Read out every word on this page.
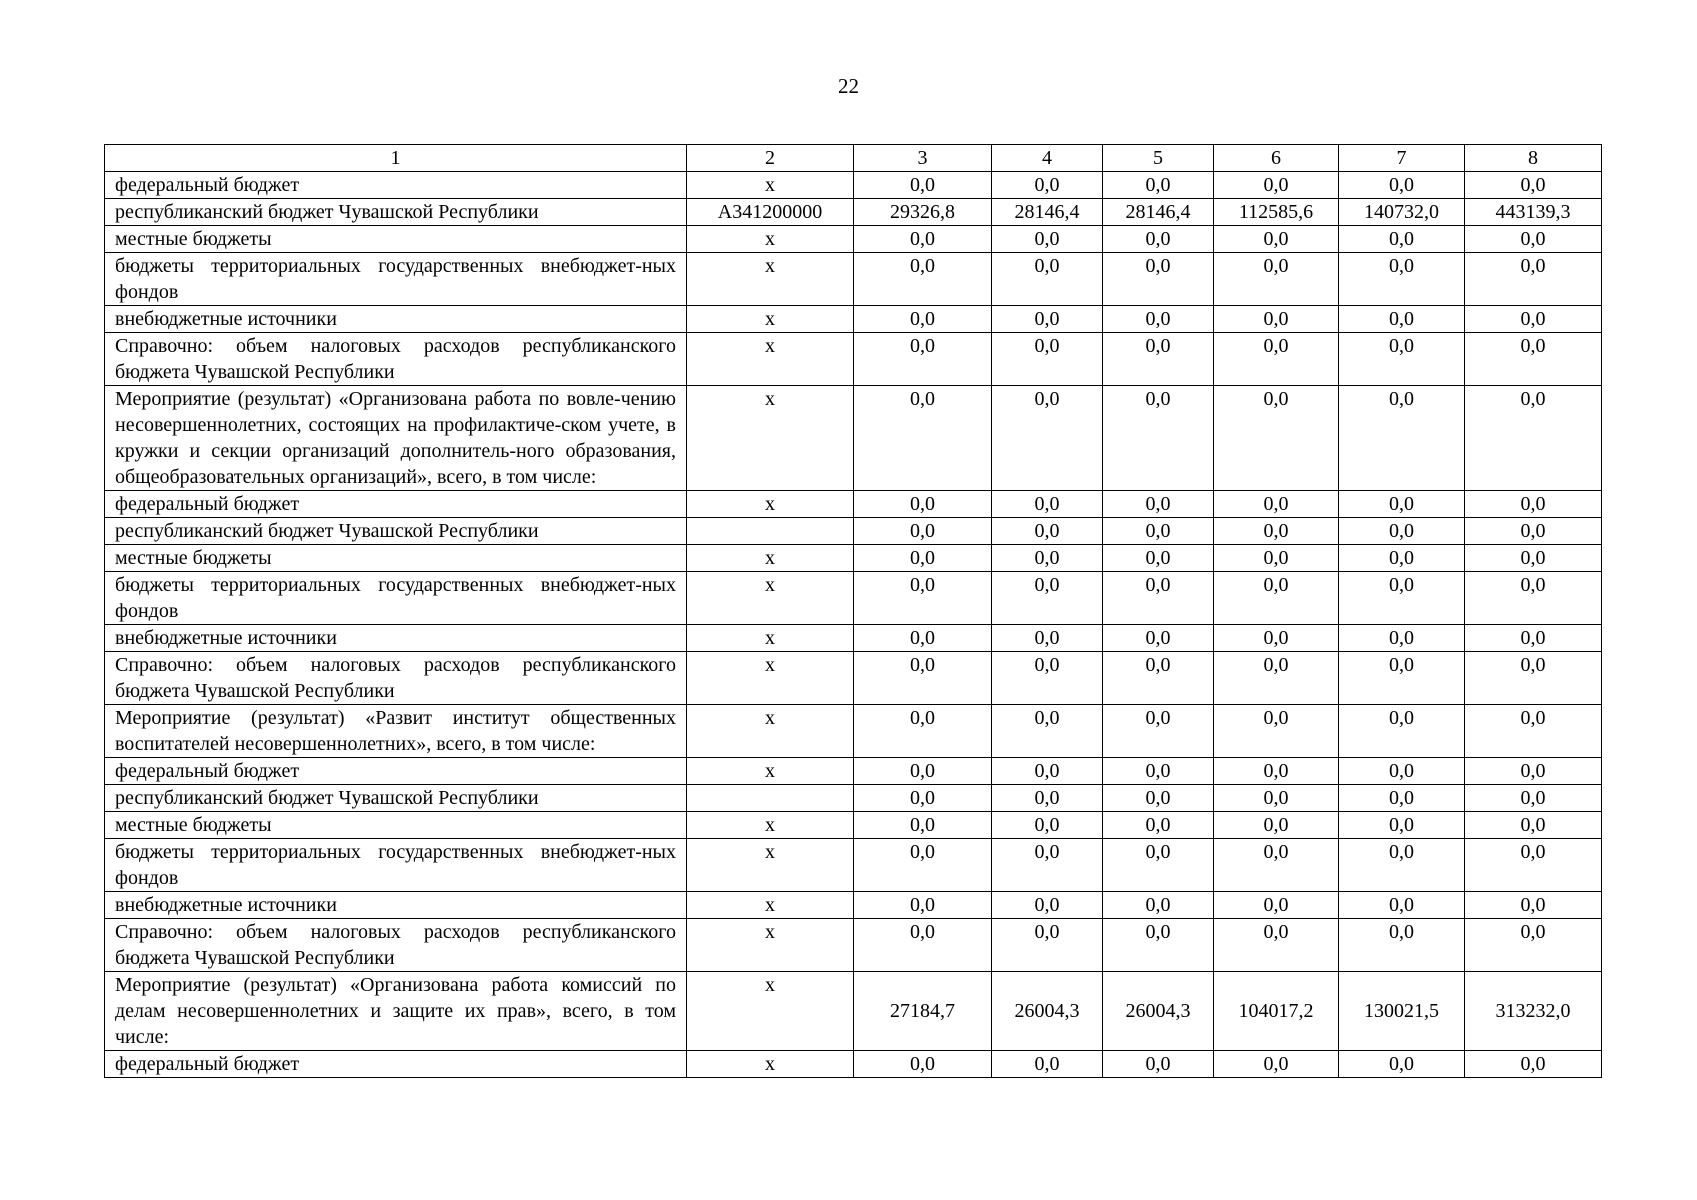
22
1	2	3	4	5	6	7	8
федеральный бюджет	х	0,0	0,0	0,0	0,0	0,0	0,0
республиканский бюджет Чувашской Республики	А341200000	29326,8	28146,4	28146,4	112585,6	140732,0	443139,3
местные бюджеты	х	0,0	0,0	0,0	0,0	0,0	0,0
бюджеты территориальных государственных внебюджет-ных фондов	х	0,0	0,0	0,0	0,0	0,0	0,0
внебюджетные источники	х	0,0	0,0	0,0	0,0	0,0	0,0
Справочно: объем налоговых расходов республиканского бюджета Чувашской Республики	х	0,0	0,0	0,0	0,0	0,0	0,0
Мероприятие (результат) «Организована работа по вовле-чению несовершеннолетних, состоящих на профилактиче-ском учете, в кружки и секции организаций дополнитель-ного образования, общеобразовательных организаций», всего, в том числе:	х	0,0	0,0	0,0	0,0	0,0	0,0
федеральный бюджет	х	0,0	0,0	0,0	0,0	0,0	0,0
республиканский бюджет Чувашской Республики		0,0	0,0	0,0	0,0	0,0	0,0
местные бюджеты	х	0,0	0,0	0,0	0,0	0,0	0,0
бюджеты территориальных государственных внебюджет-ных фондов	х	0,0	0,0	0,0	0,0	0,0	0,0
внебюджетные источники	х	0,0	0,0	0,0	0,0	0,0	0,0
Справочно: объем налоговых расходов республиканского бюджета Чувашской Республики	х	0,0	0,0	0,0	0,0	0,0	0,0
Мероприятие (результат) «Развит институт общественных воспитателей несовершеннолетних», всего, в том числе:	х	0,0	0,0	0,0	0,0	0,0	0,0
федеральный бюджет	х	0,0	0,0	0,0	0,0	0,0	0,0
республиканский бюджет Чувашской Республики		0,0	0,0	0,0	0,0	0,0	0,0
местные бюджеты	х	0,0	0,0	0,0	0,0	0,0	0,0
бюджеты территориальных государственных внебюджет-ных фондов	х	0,0	0,0	0,0	0,0	0,0	0,0
внебюджетные источники	х	0,0	0,0	0,0	0,0	0,0	0,0
Справочно: объем налоговых расходов республиканского бюджета Чувашской Республики	х	0,0	0,0	0,0	0,0	0,0	0,0
Мероприятие (результат) «Организована работа комиссий по делам несовершеннолетних и защите их прав», всего, в том числе:	х	27184,7	26004,3	26004,3	104017,2	130021,5	313232,0
федеральный бюджет	х	0,0	0,0	0,0	0,0	0,0	0,0
